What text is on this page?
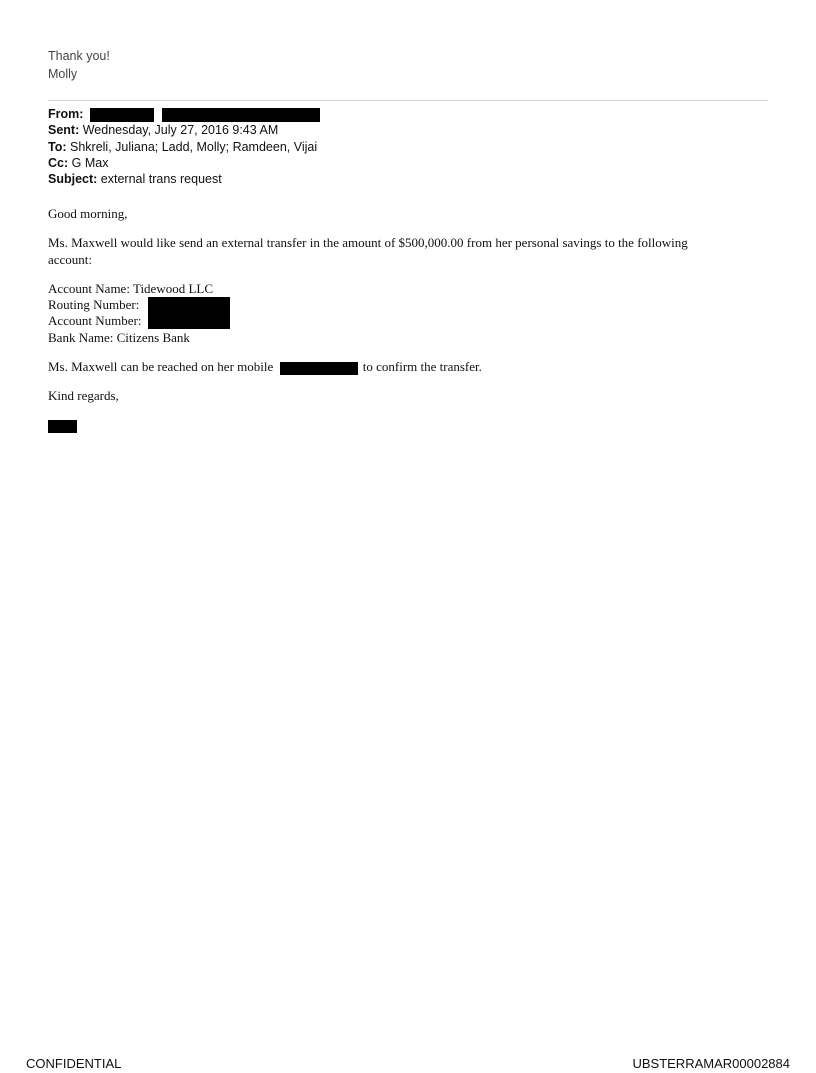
Thank you!
Molly
From:
Sent: Wednesday, July 27, 2016 9:43 AM
To: Shkreli, Juliana; Ladd, Molly; Ramdeen, Vijai
Cc: G Max
Subject: external trans request
Good morning,
Ms. Maxwell would like send an external transfer in the amount of $500,000.00 from her personal savings to the following
account:
Account Name: Tidewood LLC
Routing Number:
Account Number:
Bank Name: Citizens Bank
Ms. Maxwell can be reached on her mobile	to confirm the transfer.
Kind regards,
CONFIDENTIAL	UBSTERRAMAR00002884
